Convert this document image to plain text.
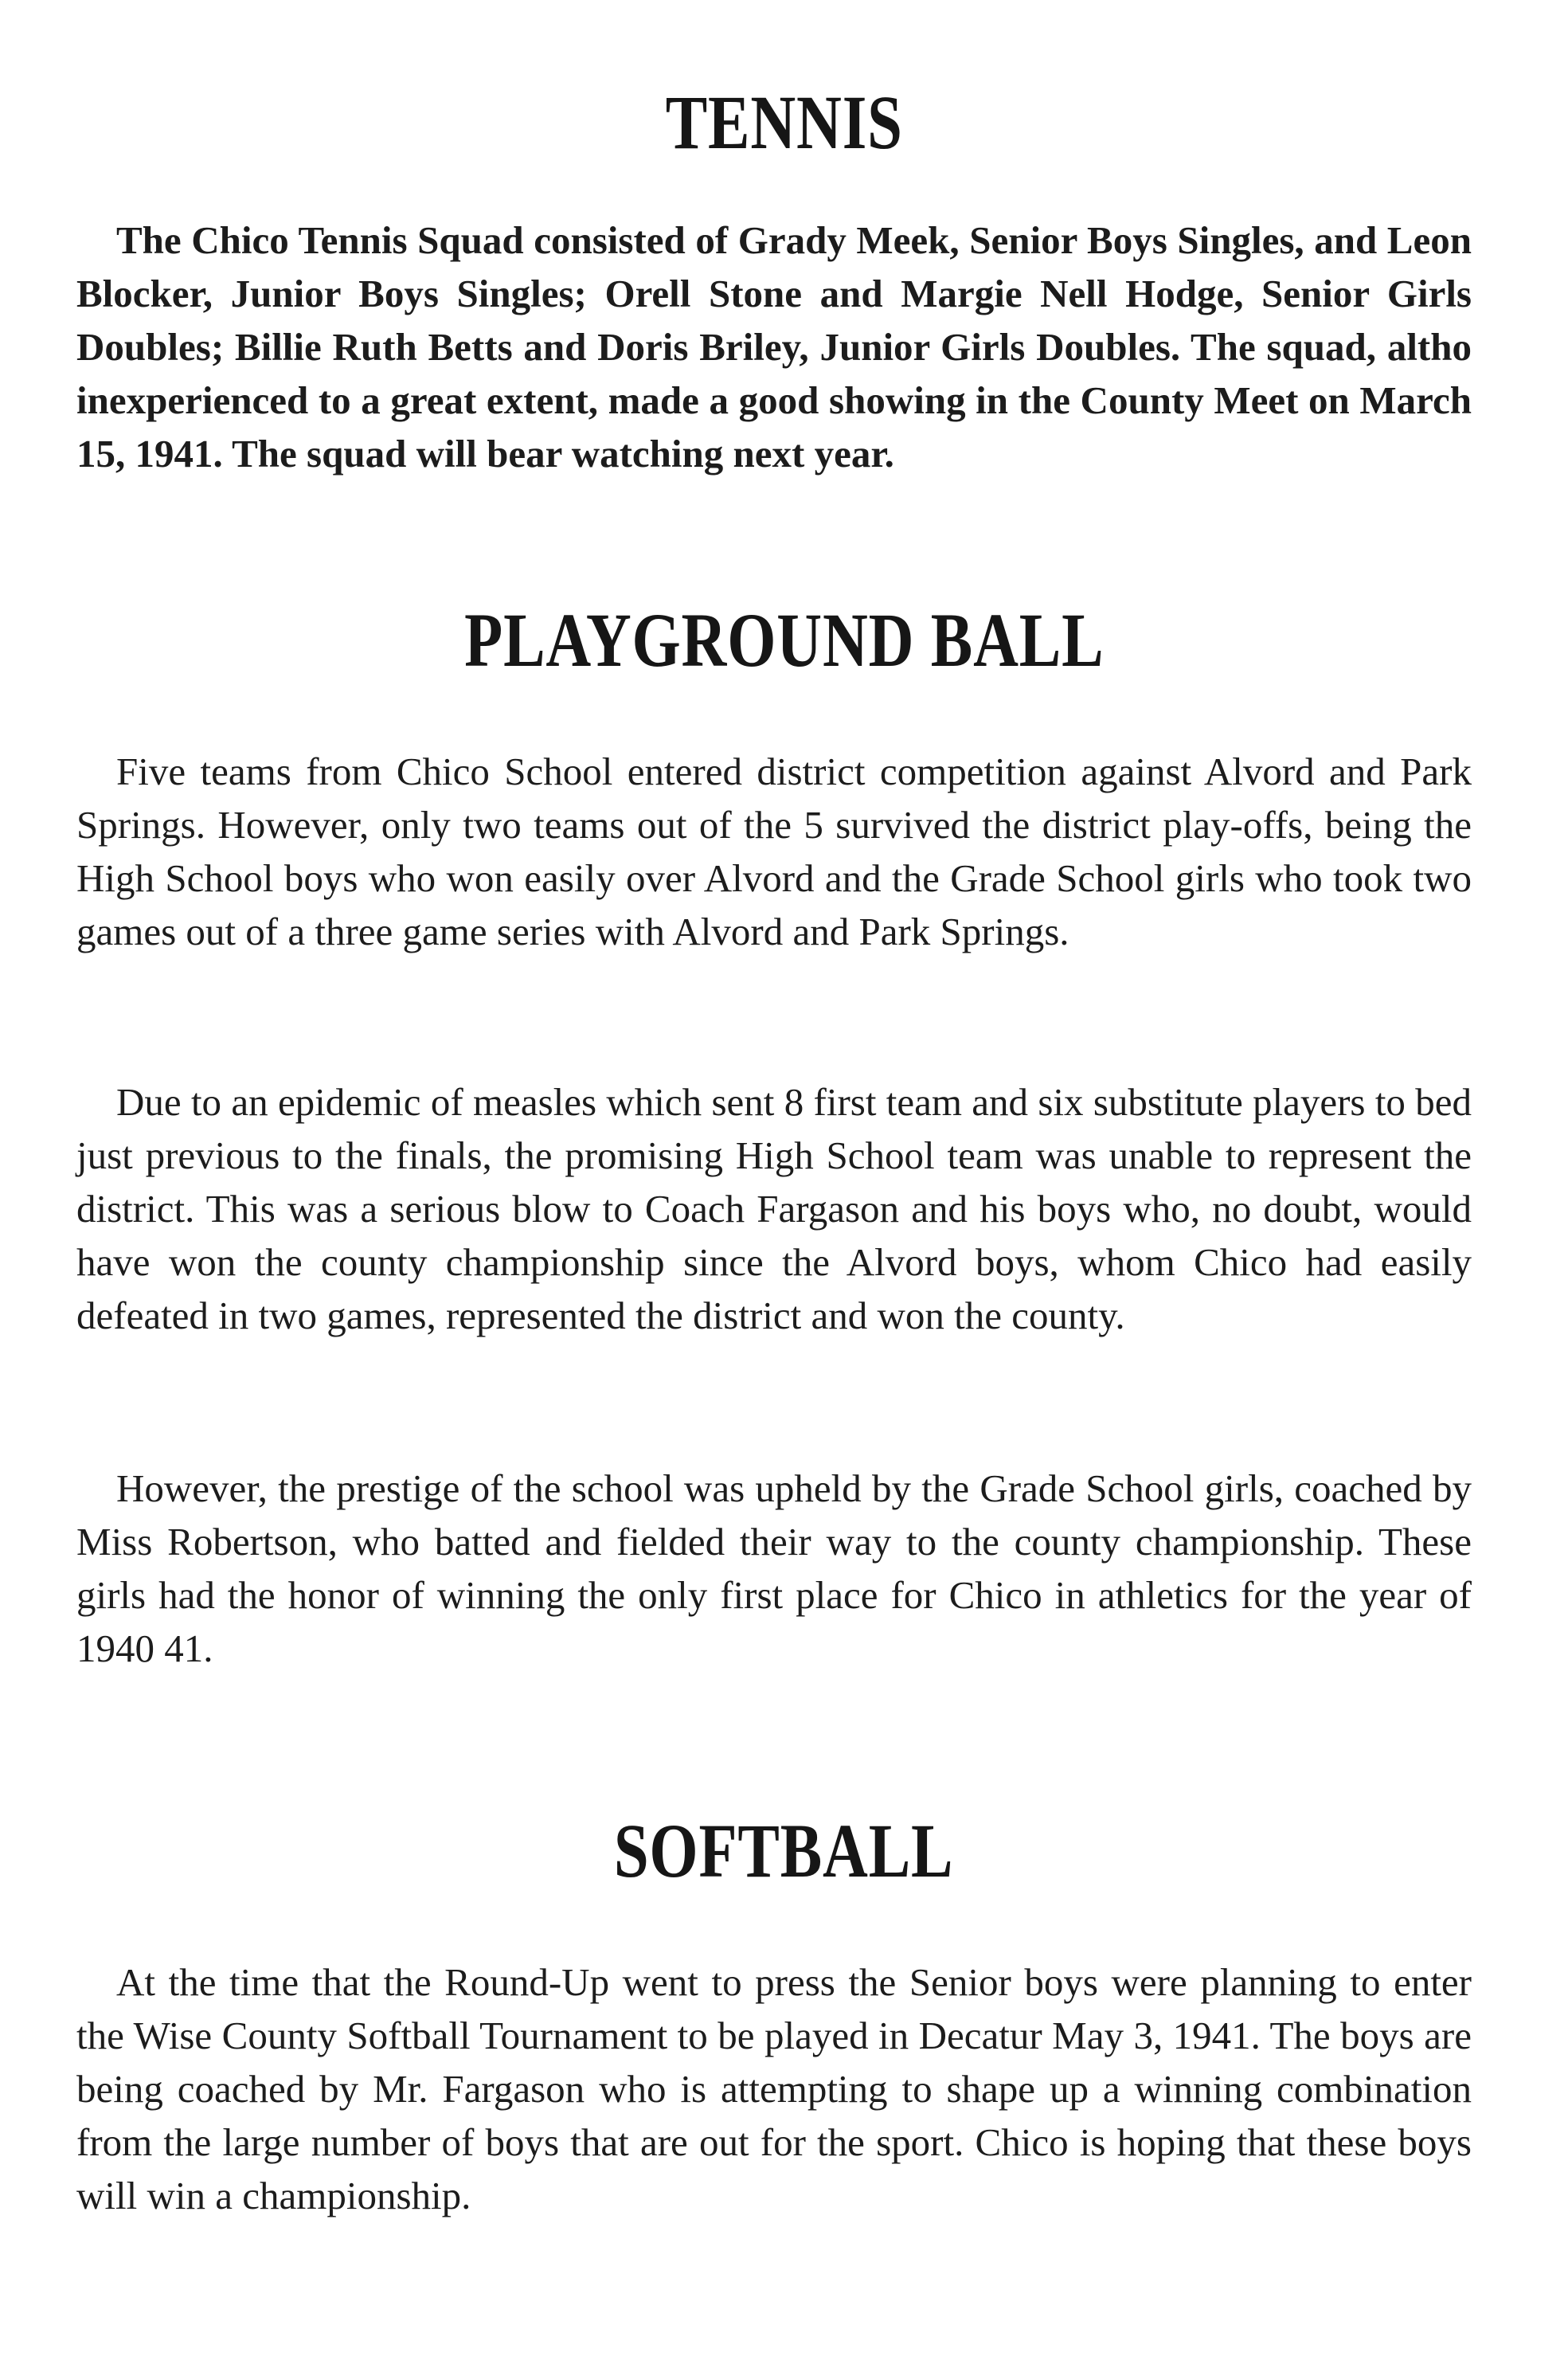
TENNIS

The Chico Tennis Squad consisted of Grady Meek, Senior Boys Singles, and Leon Blocker, Junior Boys Singles; Orell Stone and Margie Nell Hodge, Senior Girls Doubles; Billie Ruth Betts and Doris Briley, Junior Girls Doubles. The squad, altho inexperienced to a great extent, made a good showing in the County Meet on March 15, 1941. The squad will bear watching next year.

PLAYGROUND BALL

Five teams from Chico School entered district competition against Alvord and Park Springs. However, only two teams out of the 5 survived the district play-offs, being the High School boys who won easily over Alvord and the Grade School girls who took two games out of a three game series with Alvord and Park Springs.

Due to an epidemic of measles which sent 8 first team and six substitute players to bed just previous to the finals, the promising High School team was unable to represent the district. This was a serious blow to Coach Fargason and his boys who, no doubt, would have won the county championship since the Alvord boys, whom Chico had easily defeated in two games, represented the district and won the county.

However, the prestige of the school was upheld by the Grade School girls, coached by Miss Robertson, who batted and fielded their way to the county championship. These girls had the honor of winning the only first place for Chico in athletics for the year of 1940 41.

SOFTBALL

At the time that the Round-Up went to press the Senior boys were planning to enter the Wise County Softball Tournament to be played in Decatur May 3, 1941. The boys are being coached by Mr. Fargason who is attempting to shape up a winning combination from the large number of boys that are out for the sport. Chico is hoping that these boys will win a championship.
